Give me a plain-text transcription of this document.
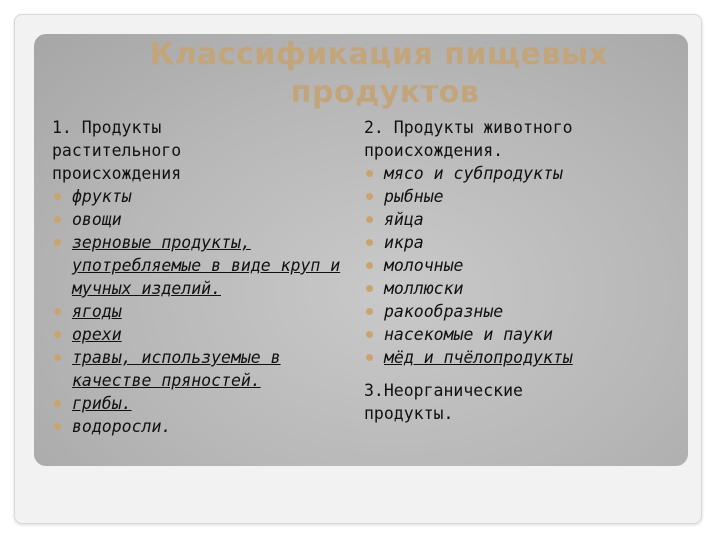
Классификация пищевых
продуктов
1. Продукты
растительного
происхождения
фрукты
овощи
зерновые продукты, употребляемые в виде круп и мучных изделий.
ягоды
орехи
травы, используемые в качестве пряностей.
грибы.
водоросли.
2. Продукты животного
происхождения.
мясо и субпродукты
рыбные
яйца
икра
молочные
моллюски
ракообразные
насекомые и пауки
мёд и пчёлопродукты
3.Неорганические
продукты.
